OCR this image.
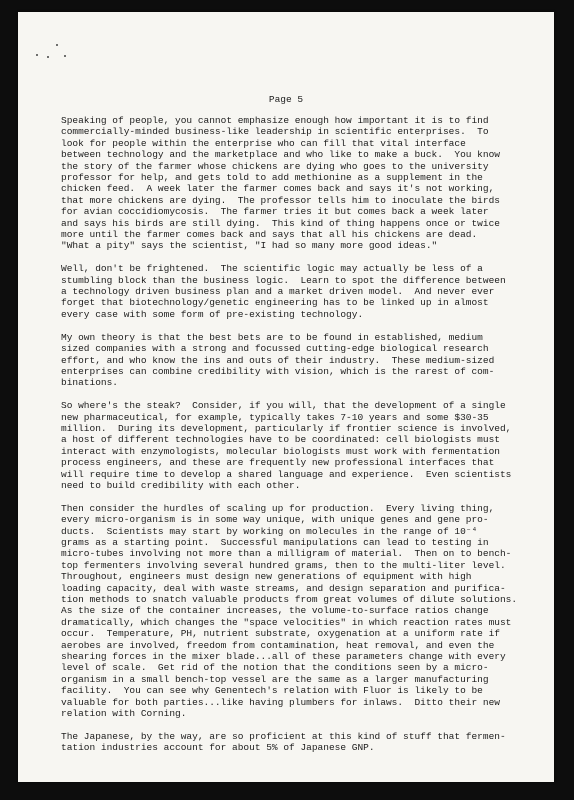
Page 5
Speaking of people, you cannot emphasize enough how important it is to find
commercially-minded business-like leadership in scientific enterprises.  To
look for people within the enterprise who can fill that vital interface
between technology and the marketplace and who like to make a buck.  You know
the story of the farmer whose chickens are dying who goes to the university
professor for help, and gets told to add methionine as a supplement in the
chicken feed.  A week later the farmer comes back and says it's not working,
that more chickens are dying.  The professor tells him to inoculate the birds
for avian coccidiomycosis.  The farmer tries it but comes back a week later
and says his birds are still dying.  This kind of thing happens once or twice
more until the farmer comes back and says that all his chickens are dead.
"What a pity" says the scientist, "I had so many more good ideas."
Well, don't be frightened.  The scientific logic may actually be less of a
stumbling block than the business logic.  Learn to spot the difference between
a technology driven business plan and a market driven model.  And never ever
forget that biotechnology/genetic engineering has to be linked up in almost
every case with some form of pre-existing technology.
My own theory is that the best bets are to be found in established, medium
sized companies with a strong and focussed cutting-edge biological research
effort, and who know the ins and outs of their industry.  These medium-sized
enterprises can combine credibility with vision, which is the rarest of com-
binations.
So where's the steak?  Consider, if you will, that the development of a single
new pharmaceutical, for example, typically takes 7-10 years and some $30-35
million.  During its development, particularly if frontier science is involved,
a host of different technologies have to be coordinated: cell biologists must
interact with enzymologists, molecular biologists must work with fermentation
process engineers, and these are frequently new professional interfaces that
will require time to develop a shared language and experience.  Even scientists
need to build credibility with each other.
Then consider the hurdles of scaling up for production.  Every living thing,
every micro-organism is in some way unique, with unique genes and gene pro-
ducts.  Scientists may start by working on molecules in the range of 10⁻⁴
grams as a starting point.  Successful manipulations can lead to testing in
micro-tubes involving not more than a milligram of material.  Then on to bench-
top fermenters involving several hundred grams, then to the multi-liter level.
Throughout, engineers must design new generations of equipment with high
loading capacity, deal with waste streams, and design separation and purifica-
tion methods to snatch valuable products from great volumes of dilute solutions.
As the size of the container increases, the volume-to-surface ratios change
dramatically, which changes the "space velocities" in which reaction rates must
occur.  Temperature, PH, nutrient substrate, oxygenation at a uniform rate if
aerobes are involved, freedom from contamination, heat removal, and even the
shearing forces in the mixer blade...all of these parameters change with every
level of scale.  Get rid of the notion that the conditions seen by a micro-
organism in a small bench-top vessel are the same as a larger manufacturing
facility.  You can see why Genentech's relation with Fluor is likely to be
valuable for both parties...like having plumbers for inlaws.  Ditto their new
relation with Corning.
The Japanese, by the way, are so proficient at this kind of stuff that fermen-
tation industries account for about 5% of Japanese GNP.
